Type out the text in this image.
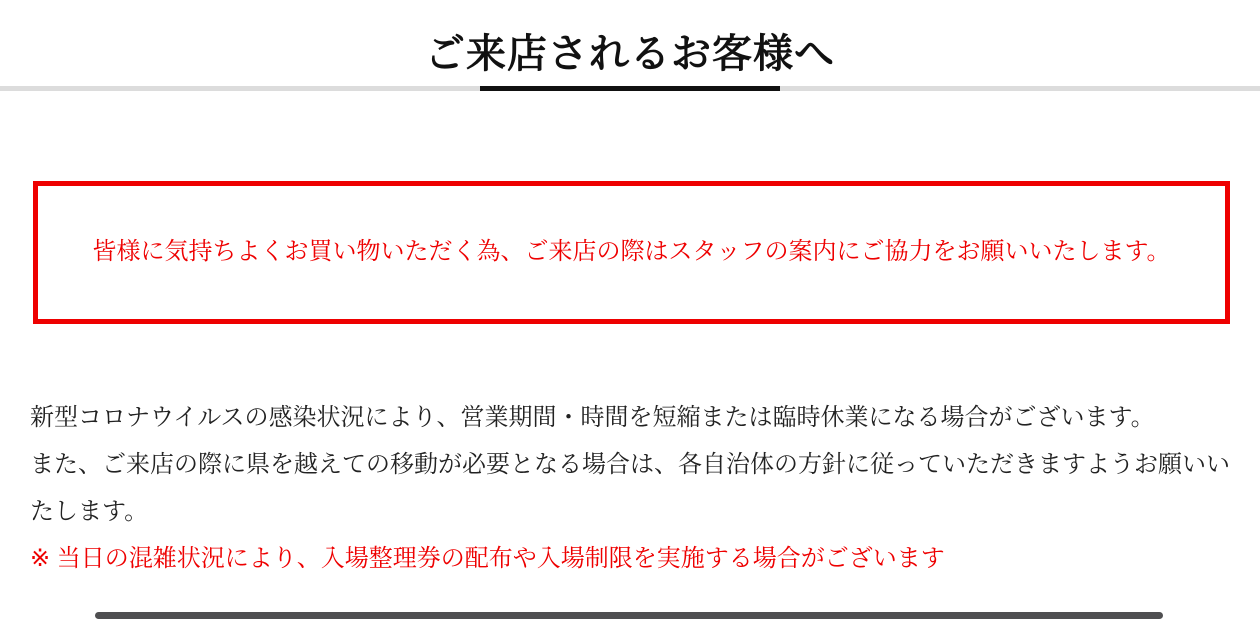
ご来店されるお客様へ

皆様に気持ちよくお買い物いただく為、ご来店の際はスタッフの案内にご協力をお願いいたします。

新型コロナウイルスの感染状況により、営業期間・時間を短縮または臨時休業になる場合がございます。

また、ご来店の際に県を越えての移動が必要となる場合は、各自治体の方針に従っていただきますようお願いいたします。

※ 当日の混雑状況により、入場整理券の配布や入場制限を実施する場合がございます
